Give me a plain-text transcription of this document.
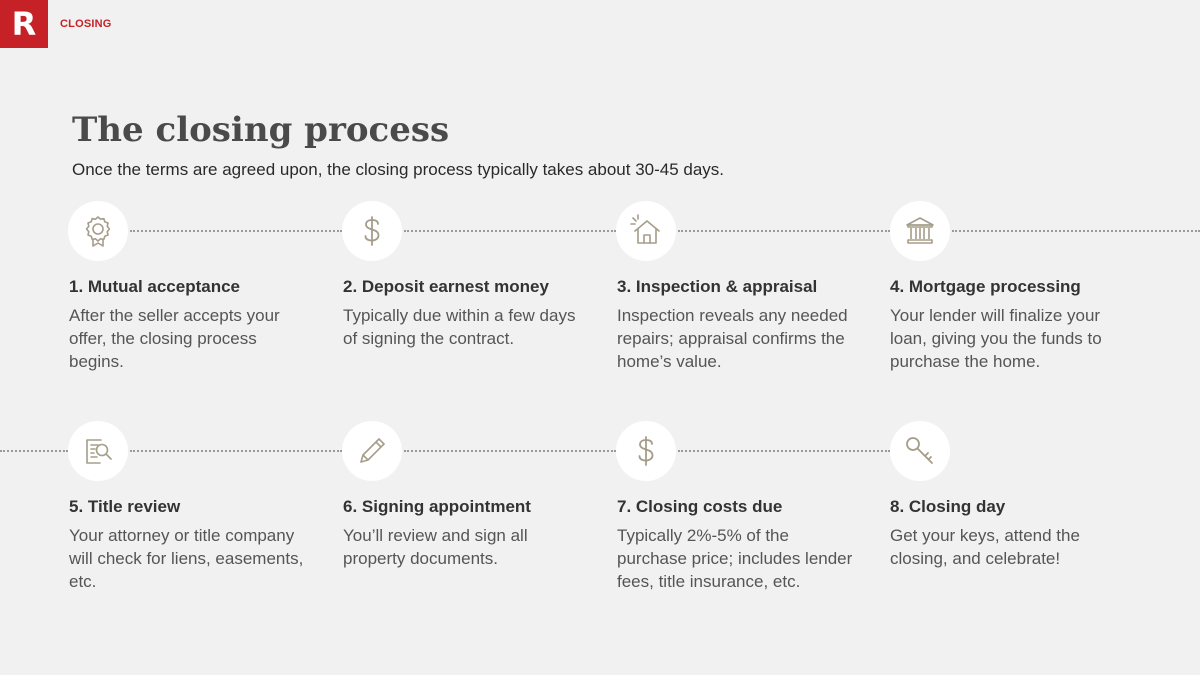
R CLOSING
The closing process

Once the terms are agreed upon, the closing process typically takes about 30-45 days.

1. Mutual acceptance
After the seller accepts your offer, the closing process begins.
2. Deposit earnest money
Typically due within a few days of signing the contract.
3. Inspection & appraisal
Inspection reveals any needed repairs; appraisal confirms the home’s value.
4. Mortgage processing
Your lender will finalize your loan, giving you the funds to purchase the home.
5. Title review
Your attorney or title company will check for liens, easements, etc.
6. Signing appointment
You’ll review and sign all property documents.
7. Closing costs due
Typically 2%-5% of the purchase price; includes lender fees, title insurance, etc.
8. Closing day
Get your keys, attend the closing, and celebrate!
